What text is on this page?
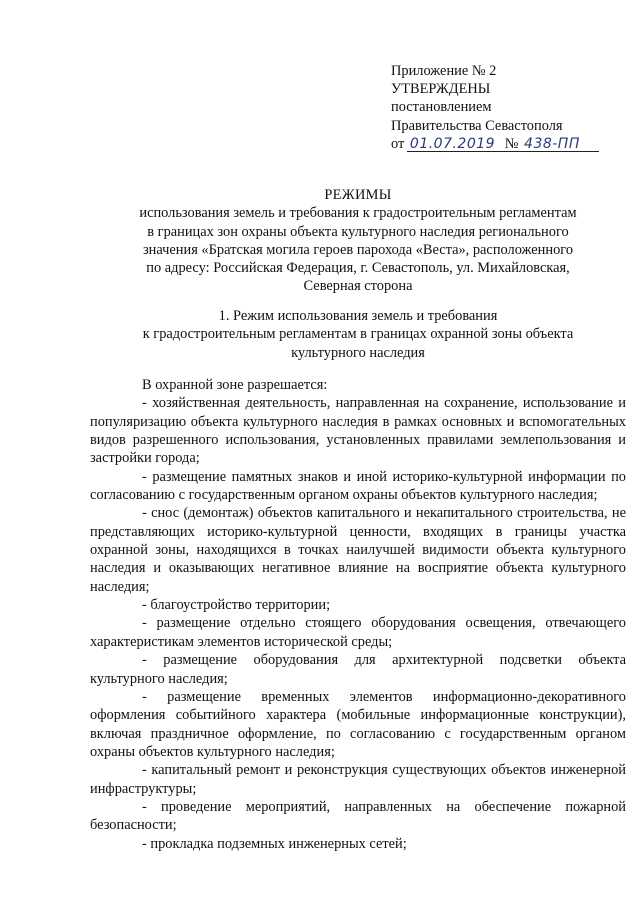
Приложение № 2
УТВЕРЖДЕНЫ
постановлением
Правительства Севастополя
от 01.07.2019 № 438-ПП
РЕЖИМЫ
использования земель и требования к градостроительным регламентам
в границах зон охраны объекта культурного наследия регионального
значения «Братская могила героев парохода «Веста», расположенного
по адресу: Российская Федерация, г. Севастополь, ул. Михайловская,
Северная сторона
1. Режим использования земель и требования
к градостроительным регламентам в границах охранной зоны объекта
культурного наследия

В охранной зоне разрешается:

- хозяйственная деятельность, направленная на сохранение, использование и популяризацию объекта культурного наследия в рамках основных и вспомогательных видов разрешенного использования, установленных правилами землепользования и застройки города;

- размещение памятных знаков и иной историко-культурной информации по согласованию с государственным органом охраны объектов культурного наследия;

- снос (демонтаж) объектов капитального и некапитального строительства, не представляющих историко-культурной ценности, входящих в границы участка охранной зоны, находящихся в точках наилучшей видимости объекта культурного наследия и оказывающих негативное влияние на восприятие объекта культурного наследия;

- благоустройство территории;

- размещение отдельно стоящего оборудования освещения, отвечающего характеристикам элементов исторической среды;

- размещение оборудования для архитектурной подсветки объекта культурного наследия;

- размещение временных элементов информационно-декоративного оформления событийного характера (мобильные информационные конструкции), включая праздничное оформление, по согласованию с государственным органом охраны объектов культурного наследия;

- капитальный ремонт и реконструкция существующих объектов инженерной инфраструктуры;

- проведение мероприятий, направленных на обеспечение пожарной безопасности;

- прокладка подземных инженерных сетей;
